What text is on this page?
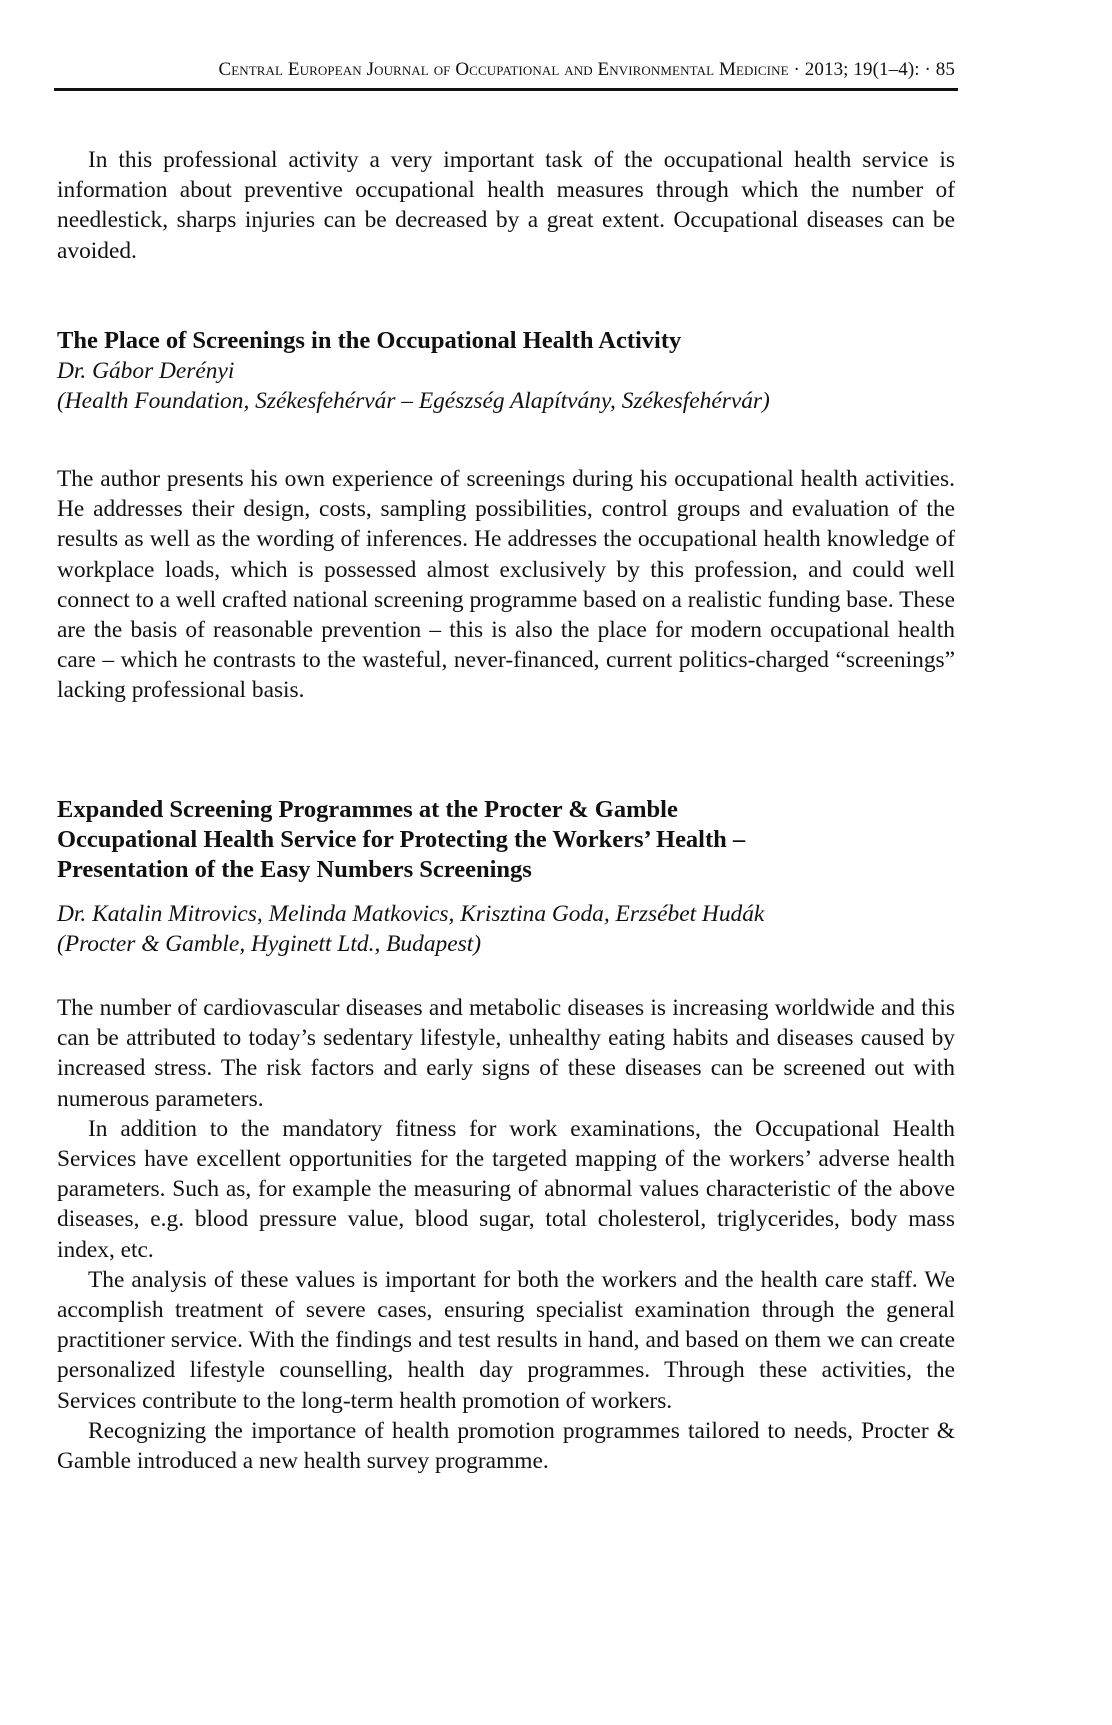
Central European Journal of Occupational and Environmental Medicine · 2013; 19(1–4): · 85

In this professional activity a very important task of the occupational health service is information about preventive occupational health measures through which the number of needlestick, sharps injuries can be decreased by a great extent. Occupational diseases can be avoided.

The Place of Screenings in the Occupational Health Activity
Dr. Gábor Derényi
(Health Foundation, Székesfehérvár – Egészség Alapítvány, Székesfehérvár)

The author presents his own experience of screenings during his occupational health activities. He addresses their design, costs, sampling possibilities, control groups and evaluation of the results as well as the wording of inferences. He addresses the occupational health knowledge of workplace loads, which is possessed almost exclusively by this profession, and could well connect to a well crafted national screening programme based on a realistic funding base. These are the basis of reasonable prevention – this is also the place for modern occupational health care – which he contrasts to the wasteful, never-financed, current politics-charged “screenings” lacking professional basis.

Expanded Screening Programmes at the Procter & Gamble
Occupational Health Service for Protecting the Workers’ Health –
Presentation of the Easy Numbers Screenings
Dr. Katalin Mitrovics, Melinda Matkovics, Krisztina Goda, Erzsébet Hudák
(Procter & Gamble, Hyginett Ltd., Budapest)

The number of cardiovascular diseases and metabolic diseases is increasing worldwide and this can be attributed to today’s sedentary lifestyle, unhealthy eating habits and diseases caused by increased stress. The risk factors and early signs of these diseases can be screened out with numerous parameters.

In addition to the mandatory fitness for work examinations, the Occupational Health Services have excellent opportunities for the targeted mapping of the workers’ adverse health parameters. Such as, for example the measuring of abnormal values characteristic of the above diseases, e.g. blood pressure value, blood sugar, total cholesterol, triglycerides, body mass index, etc.

The analysis of these values is important for both the workers and the health care staff. We accomplish treatment of severe cases, ensuring specialist examination through the general practitioner service. With the findings and test results in hand, and based on them we can create personalized lifestyle counselling, health day programmes. Through these activities, the Services contribute to the long-term health promotion of workers.

Recognizing the importance of health promotion programmes tailored to needs, Procter & Gamble introduced a new health survey programme.
